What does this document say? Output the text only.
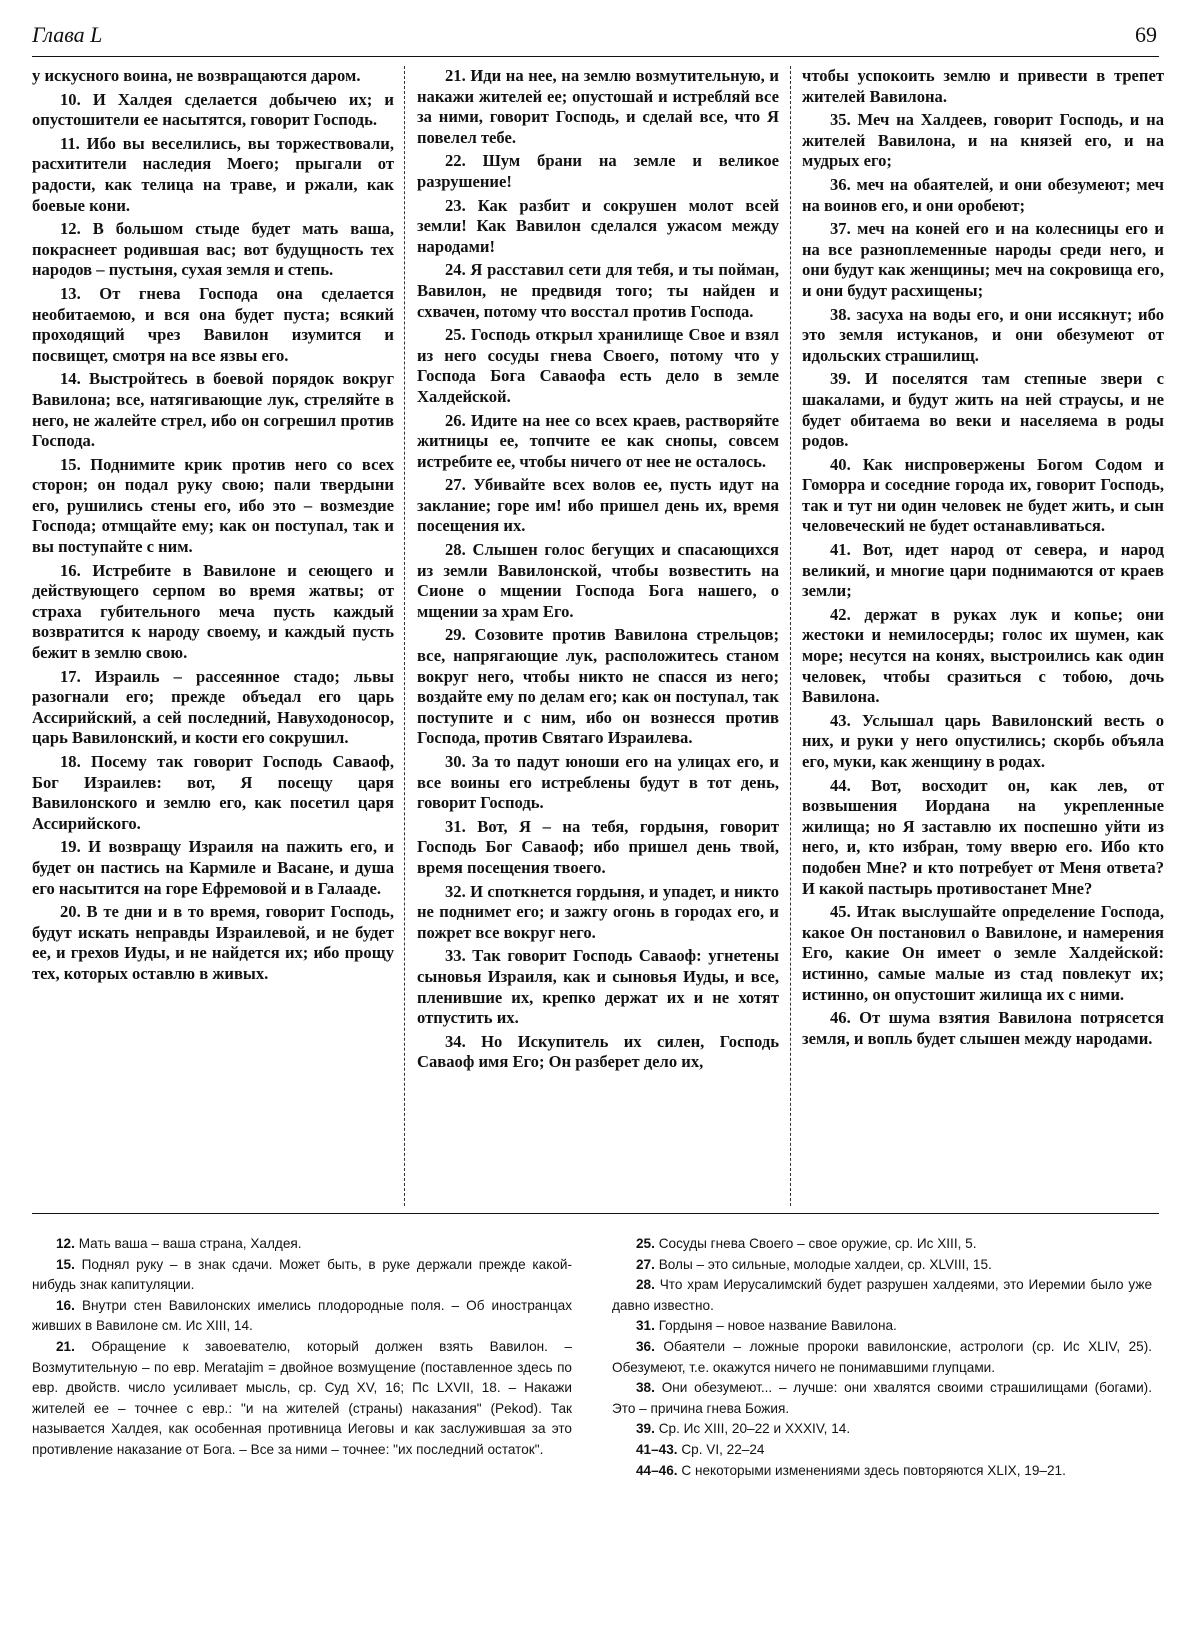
Глава L	69

у искусного воина, не возвращаются даром.

10. И Халдея сделается добычею их; и опустошители ее насытятся, говорит Господь.

11. Ибо вы веселились, вы торжествовали, расхитители наследия Моего; прыгали от радости, как телица на траве, и ржали, как боевые кони.

12. В большом стыде будет мать ваша, покраснеет родившая вас; вот будущность тех народов – пустыня, сухая земля и степь.

13. От гнева Господа она сделается необитаемою, и вся она будет пуста; всякий проходящий чрез Вавилон изумится и посвищет, смотря на все язвы его.

14. Выстройтесь в боевой порядок вокруг Вавилона; все, натягивающие лук, стреляйте в него, не жалейте стрел, ибо он согрешил против Господа.

15. Поднимите крик против него со всех сторон; он подал руку свою; пали твердыни его, рушились стены его, ибо это – возмездие Господа; отмщайте ему; как он поступал, так и вы поступайте с ним.

16. Истребите в Вавилоне и сеющего и действующего серпом во время жатвы; от страха губительного меча пусть каждый возвратится к народу своему, и каждый пусть бежит в землю свою.

17. Израиль – рассеянное стадо; львы разогнали его; прежде объедал его царь Ассирийский, а сей последний, Навуходоносор, царь Вавилонский, и кости его сокрушил.

18. Посему так говорит Господь Саваоф, Бог Израилев: вот, Я посещу царя Вавилонского и землю его, как посетил царя Ассирийского.

19. И возвращу Израиля на пажить его, и будет он пастись на Кармиле и Васане, и душа его насытится на горе Ефремовой и в Галааде.

20. В те дни и в то время, говорит Господь, будут искать неправды Израилевой, и не будет ее, и грехов Иуды, и не найдется их; ибо прощу тех, которых оставлю в живых.

21. Иди на нее, на землю возмутительную, и накажи жителей ее; опустошай и истребляй все за ними, говорит Господь, и сделай все, что Я повелел тебе.

22. Шум брани на земле и великое разрушение!

23. Как разбит и сокрушен молот всей земли! Как Вавилон сделался ужасом между народами!

24. Я расставил сети для тебя, и ты пойман, Вавилон, не предвидя того; ты найден и схвачен, потому что восстал против Господа.

25. Господь открыл хранилище Свое и взял из него сосуды гнева Своего, потому что у Господа Бога Саваофа есть дело в земле Халдейской.

26. Идите на нее со всех краев, растворяйте житницы ее, топчите ее как снопы, совсем истребите ее, чтобы ничего от нее не осталось.

27. Убивайте всех волов ее, пусть идут на заклание; горе им! ибо пришел день их, время посещения их.

28. Слышен голос бегущих и спасающихся из земли Вавилонской, чтобы возвестить на Сионе о мщении Господа Бога нашего, о мщении за храм Его.

29. Созовите против Вавилона стрельцов; все, напрягающие лук, расположитесь станом вокруг него, чтобы никто не спасся из него; воздайте ему по делам его; как он поступал, так поступите и с ним, ибо он вознесся против Господа, против Святаго Израилева.

30. За то падут юноши его на улицах его, и все воины его истреблены будут в тот день, говорит Господь.

31. Вот, Я – на тебя, гордыня, говорит Господь Бог Саваоф; ибо пришел день твой, время посещения твоего.

32. И споткнется гордыня, и упадет, и никто не поднимет его; и зажгу огонь в городах его, и пожрет все вокруг него.

33. Так говорит Господь Саваоф: угнетены сыновья Израиля, как и сыновья Иуды, и все, пленившие их, крепко держат их и не хотят отпустить их.

34. Но Искупитель их силен, Господь Саваоф имя Его; Он разберет дело их,

чтобы успокоить землю и привести в трепет жителей Вавилона.

35. Меч на Халдеев, говорит Господь, и на жителей Вавилона, и на князей его, и на мудрых его;

36. меч на обаятелей, и они обезумеют; меч на воинов его, и они оробеют;

37. меч на коней его и на колесницы его и на все разноплеменные народы среди него, и они будут как женщины; меч на сокровища его, и они будут расхищены;

38. засуха на воды его, и они иссякнут; ибо это земля истуканов, и они обезумеют от идольских страшилищ.

39. И поселятся там степные звери с шакалами, и будут жить на ней страусы, и не будет обитаема во веки и населяема в роды родов.

40. Как ниспровержены Богом Содом и Гоморра и соседние города их, говорит Господь, так и тут ни один человек не будет жить, и сын человеческий не будет останавливаться.

41. Вот, идет народ от севера, и народ великий, и многие цари поднимаются от краев земли;

42. держат в руках лук и копье; они жестоки и немилосерды; голос их шумен, как море; несутся на конях, выстроились как один человек, чтобы сразиться с тобою, дочь Вавилона.

43. Услышал царь Вавилонский весть о них, и руки у него опустились; скорбь объяла его, муки, как женщину в родах.

44. Вот, восходит он, как лев, от возвышения Иордана на укрепленные жилища; но Я заставлю их поспешно уйти из него, и, кто избран, тому вверю его. Ибо кто подобен Мне? и кто потребует от Меня ответа? И какой пастырь противостанет Мне?

45. Итак выслушайте определение Господа, какое Он постановил о Вавилоне, и намерения Его, какие Он имеет о земле Халдейской: истинно, самые малые из стад повлекут их; истинно, он опустошит жилища их с ними.

46. От шума взятия Вавилона потрясется земля, и вопль будет слышен между народами.

12. Мать ваша – ваша страна, Халдея.

15. Поднял руку – в знак сдачи. Может быть, в руке держали прежде какой-нибудь знак капитуляции.

16. Внутри стен Вавилонских имелись плодородные поля. – Об иностранцах живших в Вавилоне см. Ис XIII, 14.

21. Обращение к завоевателю, который должен взять Вавилон. – Возмутительную – по евр. Meratajim = двойное возмущение (поставленное здесь по евр. двойств. число усиливает мысль, ср. Суд XV, 16; Пс LXVII, 18. – Накажи жителей ее – точнее с евр.: "и на жителей (страны) наказания" (Pekod). Так называется Халдея, как особенная противница Иеговы и как заслужившая за это противление наказание от Бога. – Все за ними – точнее: "их последний остаток".

25. Сосуды гнева Своего – свое оружие, ср. Ис XIII, 5.

27. Волы – это сильные, молодые халдеи, ср. XLVIII, 15.

28. Что храм Иерусалимский будет разрушен халдеями, это Иеремии было уже давно известно.

31. Гордыня – новое название Вавилона.

36. Обаятели – ложные пророки вавилонские, астрологи (ср. Ис XLIV, 25). Обезумеют, т.е. окажутся ничего не понимавшими глупцами.

38. Они обезумеют... – лучше: они хвалятся своими страшилищами (богами). Это – причина гнева Божия.

39. Ср. Ис XIII, 20–22 и XXXIV, 14.

41–43. Ср. VI, 22–24

44–46. С некоторыми изменениями здесь повторяются XLIX, 19–21.
